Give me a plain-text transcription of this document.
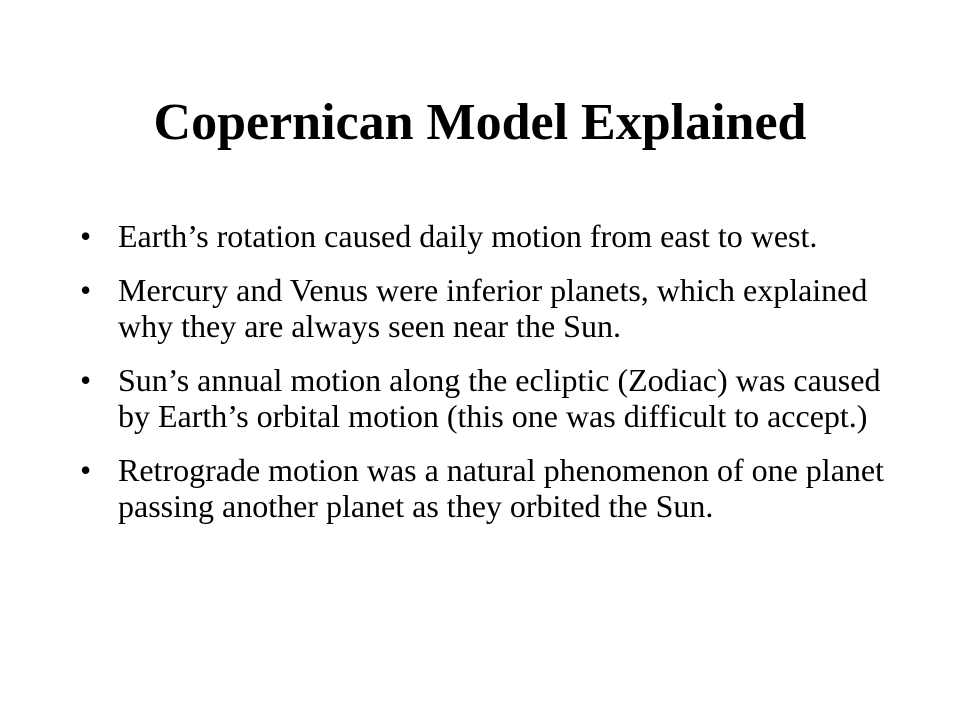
Copernican Model Explained
• Earth’s rotation caused daily motion from east to west.
• Mercury and Venus were inferior planets, which explained why they are always seen near the Sun.
• Sun’s annual motion along the ecliptic (Zodiac) was caused by Earth’s orbital motion (this one was difficult to accept.)
• Retrograde motion was a natural phenomenon of one planet passing another planet as they orbited the Sun.
